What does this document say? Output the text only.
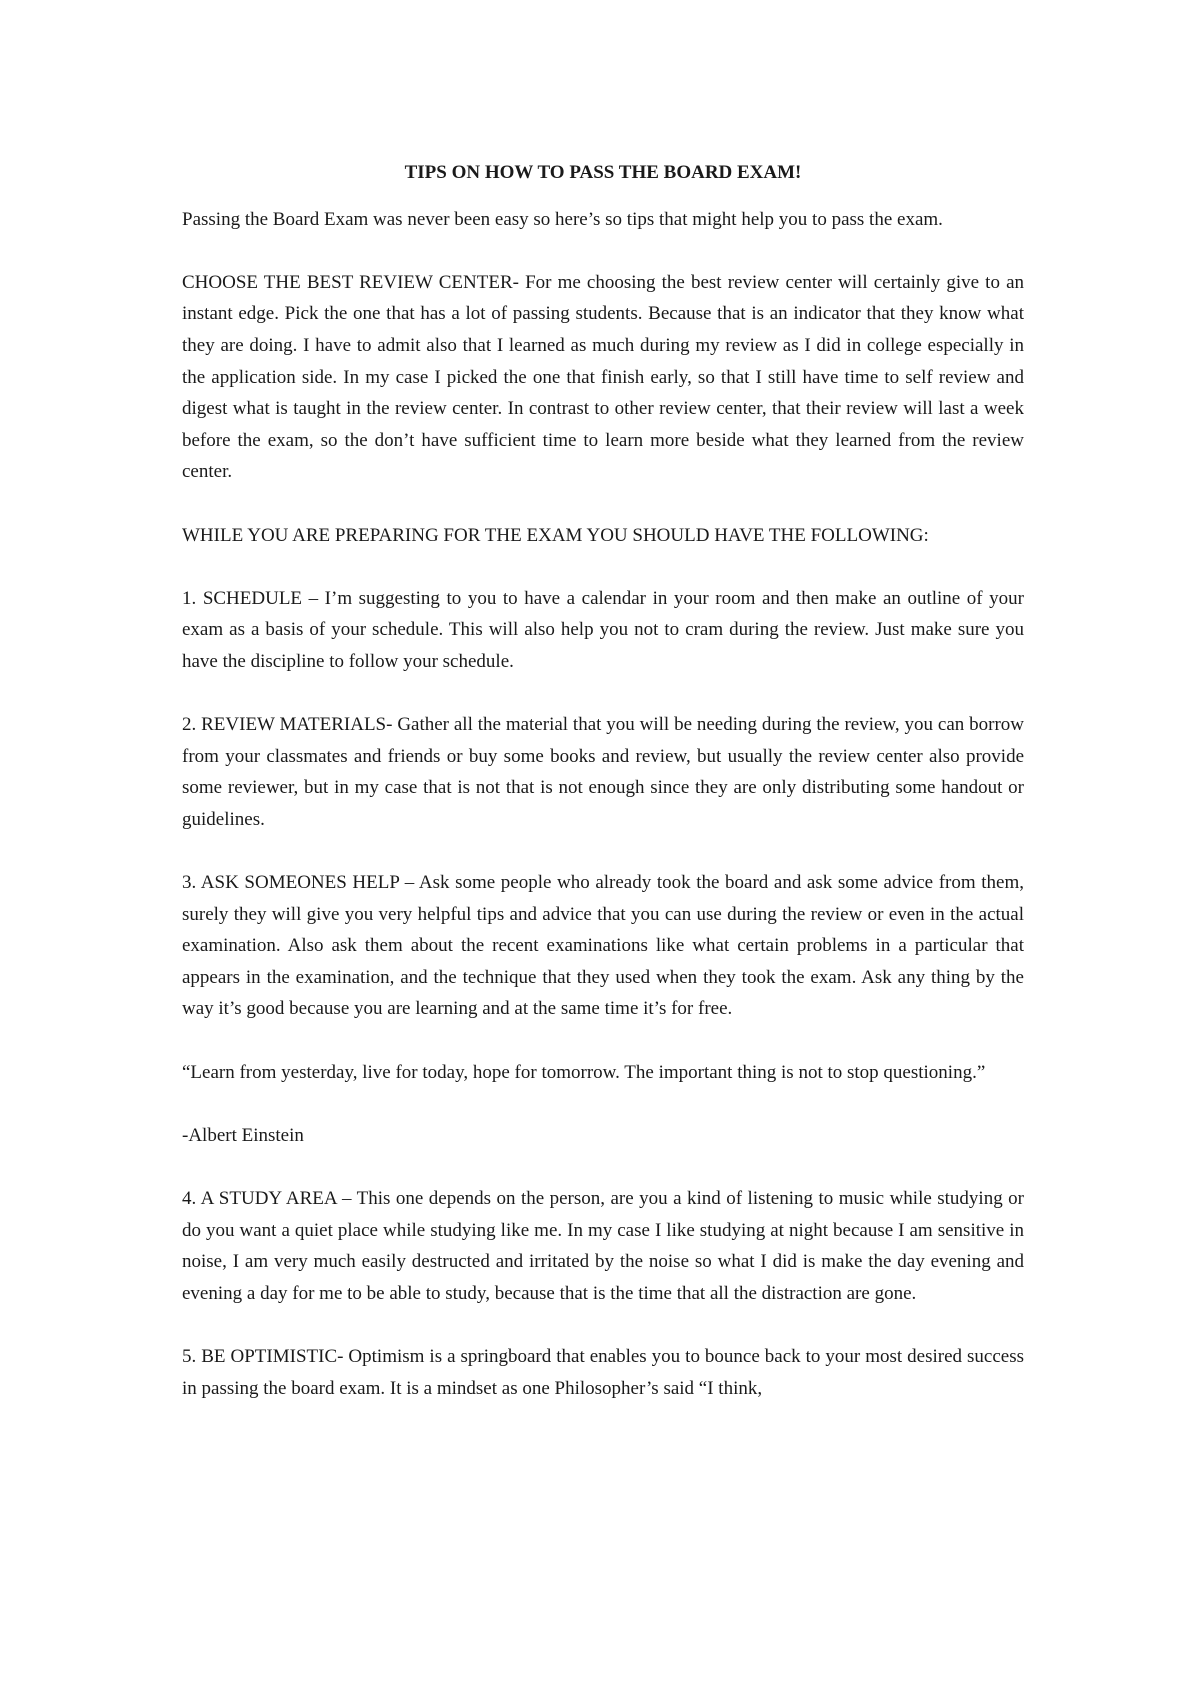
TIPS ON HOW TO PASS THE BOARD EXAM!

Passing the Board Exam was never been easy so here’s so tips that might help you to pass the exam.

CHOOSE THE BEST REVIEW CENTER- For me choosing the best review center will certainly give to an instant edge. Pick the one that has a lot of passing students. Because that is an indicator that they know what they are doing. I have to admit also that I learned as much during my review as I did in college especially in the application side. In my case I picked the one that finish early, so that I still have time to self review and digest what is taught in the review center. In contrast to other review center, that their review will last a week before the exam, so the don’t have sufficient time to learn more beside what they learned from the review center.

WHILE YOU ARE PREPARING FOR THE EXAM YOU SHOULD HAVE THE FOLLOWING:

1. SCHEDULE – I’m suggesting to you to have a calendar in your room and then make an outline of your exam as a basis of your schedule. This will also help you not to cram during the review. Just make sure you have the discipline to follow your schedule.

2. REVIEW MATERIALS- Gather all the material that you will be needing during the review, you can borrow from your classmates and friends or buy some books and review, but usually the review center also provide some reviewer, but in my case that is not that is not enough since they are only distributing some handout or guidelines.

3. ASK SOMEONES HELP – Ask some people who already took the board and ask some advice from them, surely they will give you very helpful tips and advice that you can use during the review or even in the actual examination. Also ask them about the recent examinations like what certain problems in a particular that appears in the examination, and the technique that they used when they took the exam. Ask any thing by the way it’s good because you are learning and at the same time it’s for free.

“Learn from yesterday, live for today, hope for tomorrow. The important thing is not to stop questioning.”

-Albert Einstein

4. A STUDY AREA – This one depends on the person, are you a kind of listening to music while studying or do you want a quiet place while studying like me. In my case I like studying at night because I am sensitive in noise, I am very much easily destructed and irritated by the noise so what I did is make the day evening and evening a day for me to be able to study, because that is the time that all the distraction are gone.

5. BE OPTIMISTIC- Optimism is a springboard that enables you to bounce back to your most desired success in passing the board exam. It is a mindset as one Philosopher’s said “I think,
